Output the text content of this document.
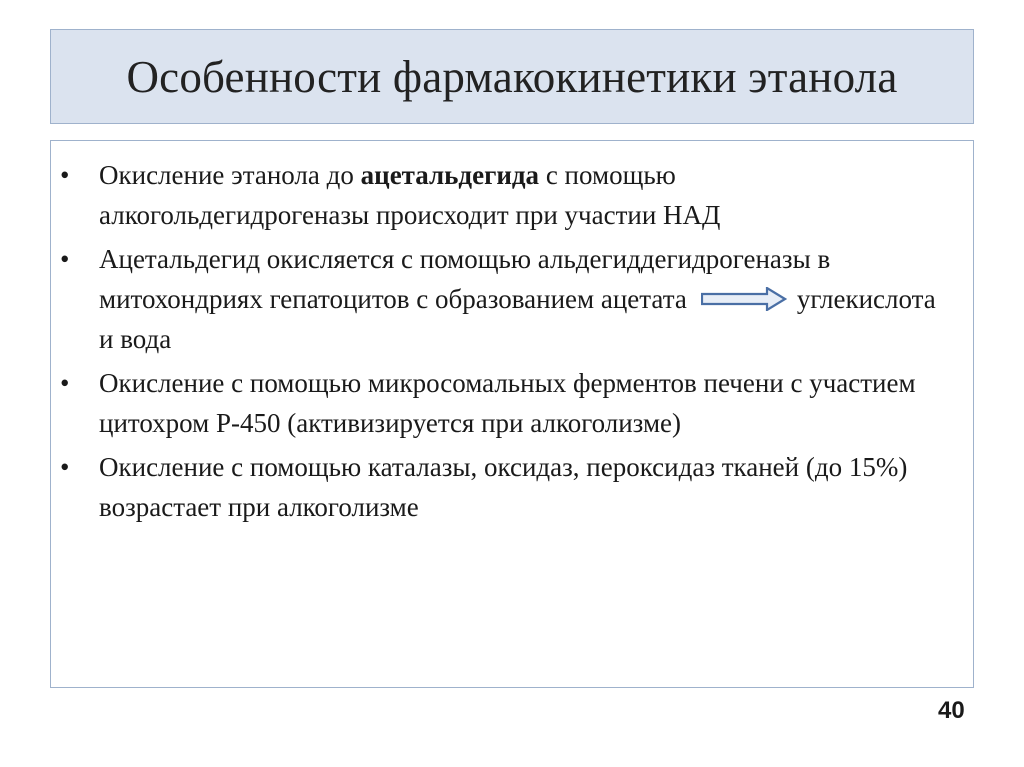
Особенности фармакокинетики этанола
• Окисление этанола до ацетальдегида с помощью алкогольдегидрогеназы происходит при участии НАД
• Ацетальдегид окисляется с помощью альдегиддегидрогеназы в митохондриях гепатоцитов с образованием ацетата	углекислота и вода
• Окисление с помощью микросомальных ферментов печени с участием цитохром Р-450 (активизируется при алкоголизме)
• Окисление с помощью каталазы, оксидаз, пероксидаз тканей (до 15%) возрастает при алкоголизме
40
